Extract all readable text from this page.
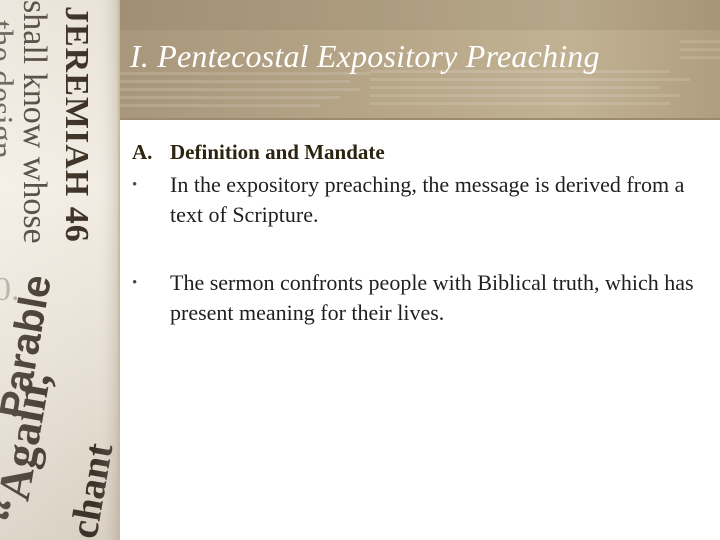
I. Pentecostal Expository Preaching
A. Definition and Mandate
•	In the expository preaching, the message is derived from a text of Scripture.
•	The sermon confronts people with Biblical truth, which has present meaning for their lives.
